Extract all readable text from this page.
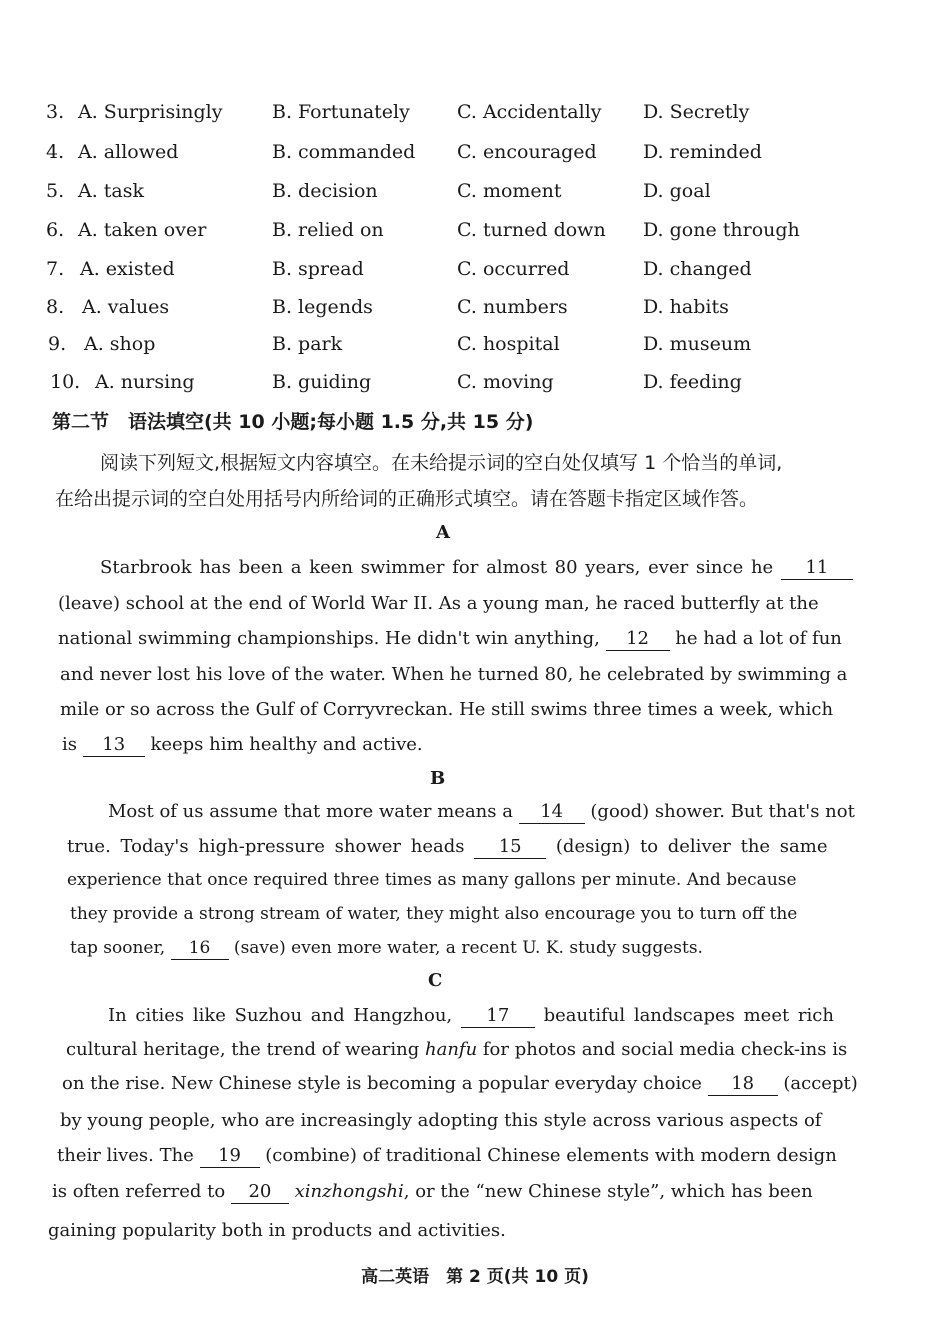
3. A. Surprisingly	B. Fortunately C. Accidentally D. Secretly
4. A. allowed	B. commanded C. encouraged D. reminded
5. A. task	B. decision	C. moment	D. goal
6. A. taken over	B. relied on	C. turned down D. gone through
7. A. existed	B. spread	C. occurred	D. changed
8. A. values	B. legends	C. numbers	D. habits
9. A. shop	B. park	C. hospital	D. museum
10. A. nursing	B. guiding	C. moving	D. feeding
第二节　语法填空(共 10 小题;每小题 1.5 分,共 15 分)
阅读下列短文,根据短文内容填空。在未给提示词的空白处仅填写 1 个恰当的单词,
在给出提示词的空白处用括号内所给词的正确形式填空。请在答题卡指定区域作答。
A
Starbrook has been a keen swimmer for almost 80 years, ever since he 11
(leave) school at the end of World War II. As a young man, he raced butterfly at the
national swimming championships. He didn't win anything, 12 he had a lot of fun
and never lost his love of the water. When he turned 80, he celebrated by swimming a
mile or so across the Gulf of Corryvreckan. He still swims three times a week, which
is 13 keeps him healthy and active.
B
Most of us assume that more water means a 14 (good) shower. But that's not
true. Today's high-pressure shower heads 15 (design) to deliver the same
experience that once required three times as many gallons per minute. And because
they provide a strong stream of water, they might also encourage you to turn off the
tap sooner, 16 (save) even more water, a recent U. K. study suggests.
C
In cities like Suzhou and Hangzhou, 17 beautiful landscapes meet rich
cultural heritage, the trend of wearing hanfu for photos and social media check-ins is
on the rise. New Chinese style is becoming a popular everyday choice 18 (accept)
by young people, who are increasingly adopting this style across various aspects of
their lives. The 19 (combine) of traditional Chinese elements with modern design
is often referred to 20 xinzhongshi, or the “new Chinese style”, which has been
gaining popularity both in products and activities.
高二英语　第 2 页(共 10 页)
